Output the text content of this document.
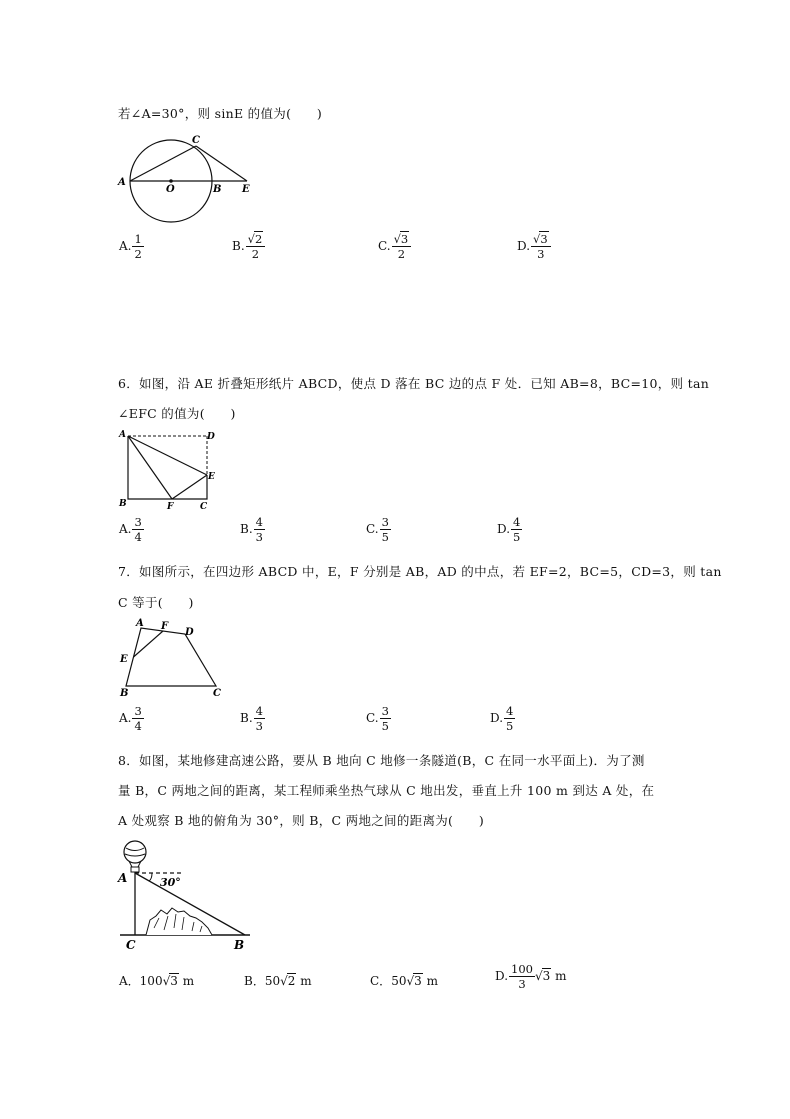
若∠A=30°，则 sinE 的值为(　　)
A
O	B E
C
A. $\frac{1}{2}$	B. $\frac{√2}{2}$	C. $\frac{√3}{2}$	D. $\frac{√3}{3}$
6．如图，沿 AE 折叠矩形纸片 ABCD，使点 D 落在 BC 边的点 F 处．已知 AB=8，BC=10，则 tan
∠EFC 的值为(　　)
A	D
E
B	F	C
A. $\frac{3}{4}$	B. $\frac{4}{3}$	C. $\frac{3}{5}$	D. $\frac{4}{5}$
7．如图所示，在四边形 ABCD 中，E，F 分别是 AB，AD 的中点，若 EF=2，BC=5，CD=3，则 tan
C 等于(　　)
A F
D
E
B	C
A. $\frac{3}{4}$	B. $\frac{4}{3}$	C. $\frac{3}{5}$	D. $\frac{4}{5}$
8．如图，某地修建高速公路，要从 B 地向 C 地修一条隧道(B，C 在同一水平面上)．为了测
量 B，C 两地之间的距离，某工程师乘坐热气球从 C 地出发，垂直上升 100 m 到达 A 处，在
A 处观察 B 地的俯角为 30°，则 B，C 两地之间的距离为(　　)
A	30°
C	B
A．100√3 m	B．50√2 m	C．50√3 m	D. $\frac{100}{3} √3$ m
